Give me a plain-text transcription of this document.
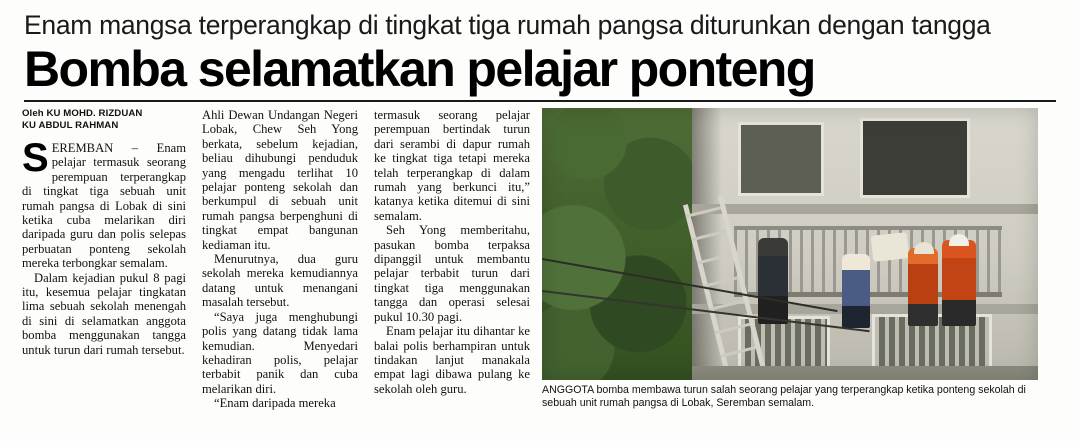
Enam mangsa terperangkap di tingkat tiga rumah pangsa diturunkan dengan tangga
Bomba selamatkan pelajar ponteng
Oleh KU MOHD. RIZDUAN
KU ABDUL RAHMAN

SEREMBAN – Enam pelajar termasuk seorang perempuan terperangkap di tingkat tiga sebuah unit rumah pangsa di Lobak di sini ketika cuba melarikan diri daripada guru dan polis selepas perbuatan ponteng sekolah mereka terbongkar semalam.

Dalam kejadian pukul 8 pagi itu, kesemua pelajar tingkatan lima sebuah sekolah menengah di sini di selamatkan anggota bomba menggunakan tangga untuk turun dari rumah tersebut.

Ahli Dewan Undangan Negeri Lobak, Chew Seh Yong berkata, sebelum kejadian, beliau dihubungi penduduk yang mengadu terlihat 10 pelajar ponteng sekolah dan berkumpul di sebuah unit rumah pangsa berpenghuni di tingkat empat bangunan kediaman itu.

Menurutnya, dua guru sekolah mereka kemudiannya datang untuk menangani masalah tersebut.

“Saya juga menghubungi polis yang datang tidak lama kemudian. Menyedari kehadiran polis, pelajar terbabit panik dan cuba melarikan diri.

“Enam daripada mereka

termasuk seorang pelajar perempuan bertindak turun dari serambi di dapur rumah ke tingkat tiga tetapi mereka telah terperangkap di dalam rumah yang berkunci itu,” katanya ketika ditemui di sini semalam.

Seh Yong memberitahu, pasukan bomba terpaksa dipanggil untuk membantu pelajar terbabit turun dari tingkat tiga menggunakan tangga dan operasi selesai pukul 10.30 pagi.

Enam pelajar itu dihantar ke balai polis berhampiran untuk tindakan lanjut manakala empat lagi dibawa pulang ke sekolah oleh guru.	ANGGOTA bomba membawa turun salah seorang pelajar yang terperangkap ketika ponteng sekolah di sebuah unit rumah pangsa di Lobak, Seremban semalam.
